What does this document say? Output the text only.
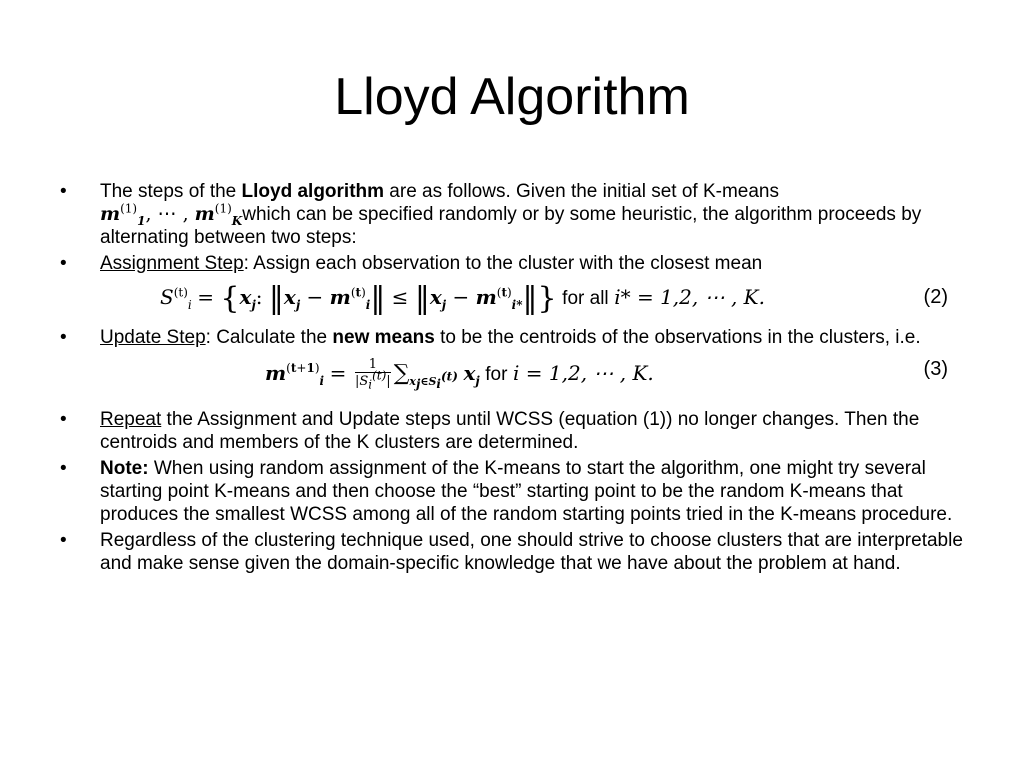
Lloyd Algorithm
• The steps of the Lloyd algorithm are as follows. Given the initial set of K-means
$m^{(1)}_1$, ⋯ , $m^{(1)}_Kwhich$ can be specified randomly or by some heuristic, the algorithm proceeds by alternating between two steps:
• Assignment Step: Assign each observation to the cluster with the closest mean
$S^{(t)}_i = \{x_j$: $‖x_j$ − $m^{(t)}_i‖$ ≤ $‖x_j$ − $m^{(t)}_{i*}‖$} for all i* = 1,2, ⋯ , K.	(2)
• Update Step: Calculate the new means to be the centroids of the observations in the clusters, i.e.
$m^{(t+1)}_i = \frac{1}{|S_i^{(t)}|} \sum_{x_j\in S_i^{(t)}}$ $x_j$ for i = 1,2, ⋯ , K.	(3)
• Repeat the Assignment and Update steps until WCSS (equation (1)) no longer changes. Then the centroids and members of the K clusters are determined.
• Note: When using random assignment of the K-means to start the algorithm, one might try several starting point K-means and then choose the “best” starting point to be the random K-means that produces the smallest WCSS among all of the random starting points tried in the K-means procedure.
• Regardless of the clustering technique used, one should strive to choose clusters that are interpretable and make sense given the domain-specific knowledge that we have about the problem at hand.
